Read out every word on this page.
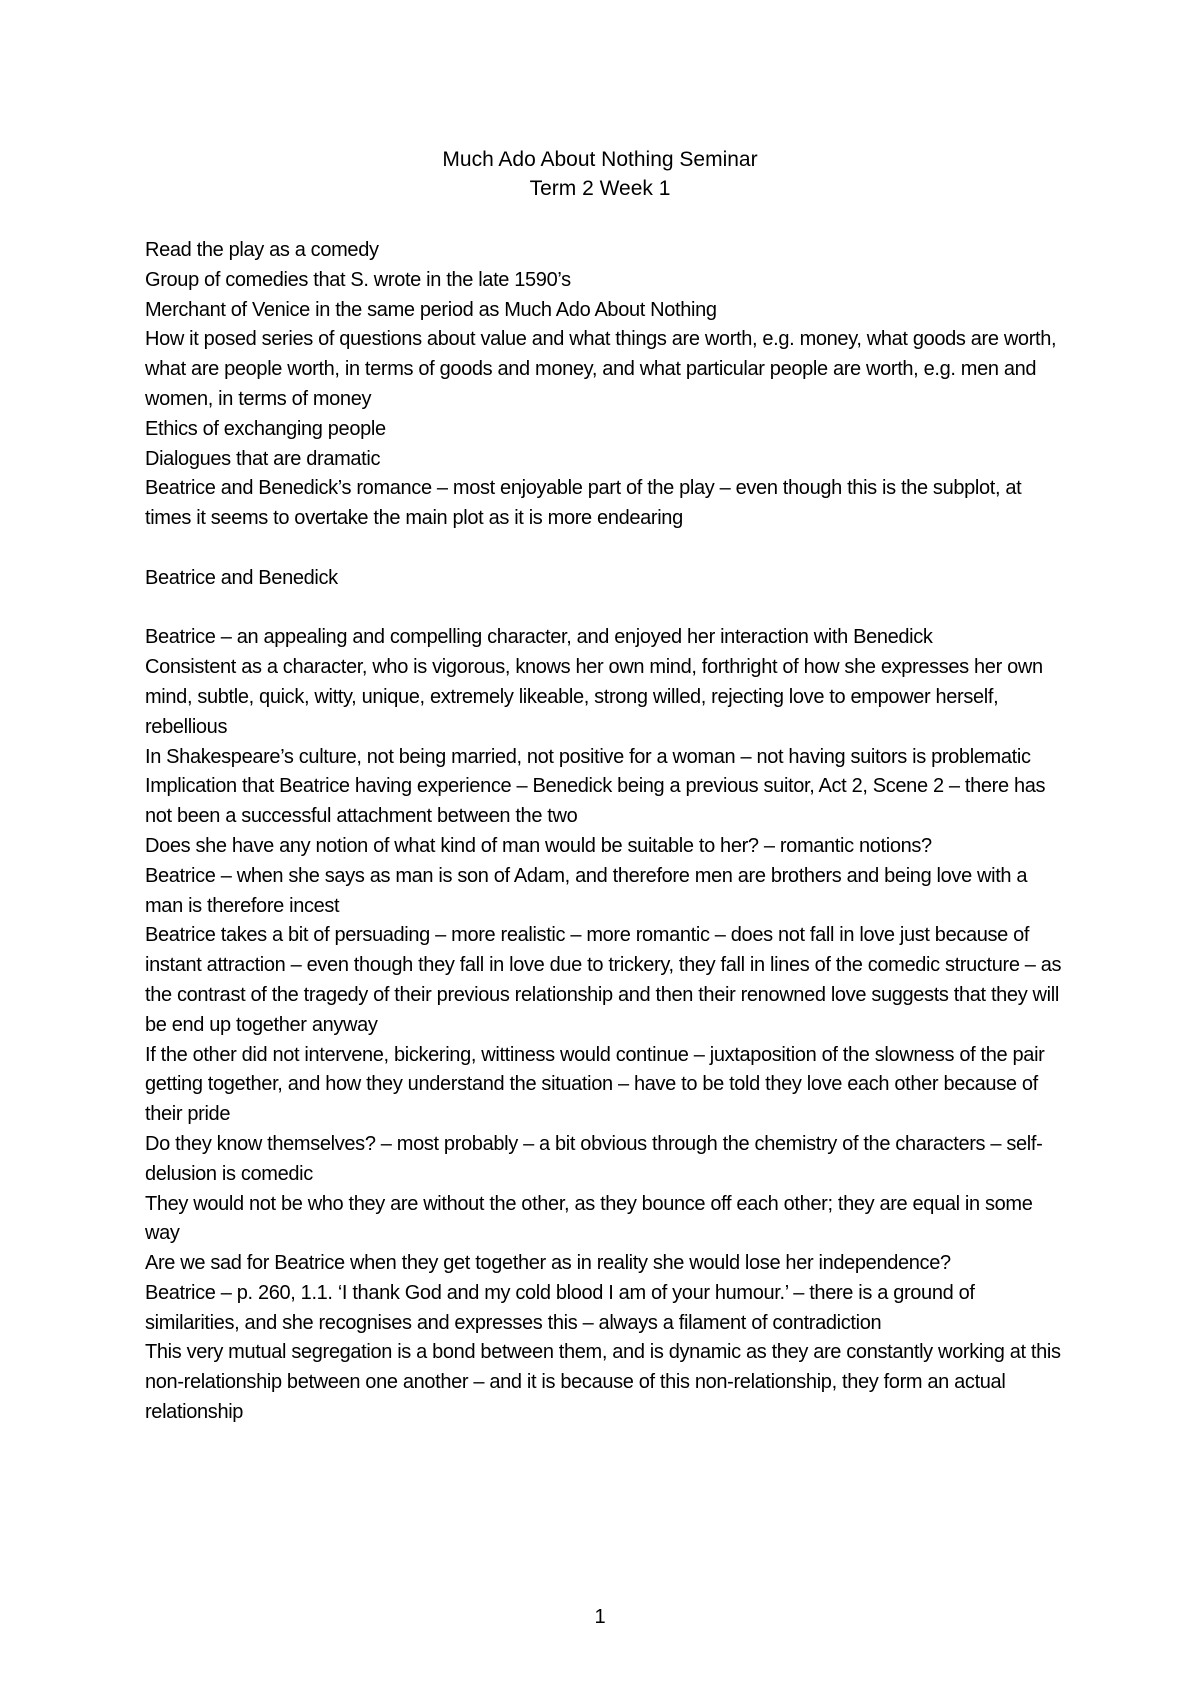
Much Ado About Nothing Seminar
Term 2 Week 1

Read the play as a comedy

Group of comedies that S. wrote in the late 1590’s

Merchant of Venice in the same period as Much Ado About Nothing

How it posed series of questions about value and what things are worth, e.g. money, what goods are worth, what are people worth, in terms of goods and money, and what particular people are worth, e.g. men and women, in terms of money

Ethics of exchanging people

Dialogues that are dramatic

Beatrice and Benedick’s romance – most enjoyable part of the play – even though this is the subplot, at times it seems to overtake the main plot as it is more endearing

Beatrice and Benedick

Beatrice – an appealing and compelling character, and enjoyed her interaction with Benedick

Consistent as a character, who is vigorous, knows her own mind, forthright of how she expresses her own mind, subtle, quick, witty, unique, extremely likeable, strong willed, rejecting love to empower herself, rebellious

In Shakespeare’s culture, not being married, not positive for a woman – not having suitors is problematic

Implication that Beatrice having experience – Benedick being a previous suitor, Act 2, Scene 2 – there has not been a successful attachment between the two

Does she have any notion of what kind of man would be suitable to her? – romantic notions?

Beatrice – when she says as man is son of Adam, and therefore men are brothers and being love with a man is therefore incest

Beatrice takes a bit of persuading – more realistic – more romantic – does not fall in love just because of instant attraction – even though they fall in love due to trickery, they fall in lines of the comedic structure – as the contrast of the tragedy of their previous relationship and then their renowned love suggests that they will be end up together anyway

If the other did not intervene, bickering, wittiness would continue – juxtaposition of the slowness of the pair getting together, and how they understand the situation – have to be told they love each other because of their pride

Do they know themselves? – most probably – a bit obvious through the chemistry of the characters – self-delusion is comedic

They would not be who they are without the other, as they bounce off each other; they are equal in some way

Are we sad for Beatrice when they get together as in reality she would lose her independence?

Beatrice – p. 260, 1.1. ‘I thank God and my cold blood I am of your humour.’ – there is a ground of similarities, and she recognises and expresses this – always a filament of contradiction

This very mutual segregation is a bond between them, and is dynamic as they are constantly working at this non-relationship between one another – and it is because of this non-relationship, they form an actual relationship

1
